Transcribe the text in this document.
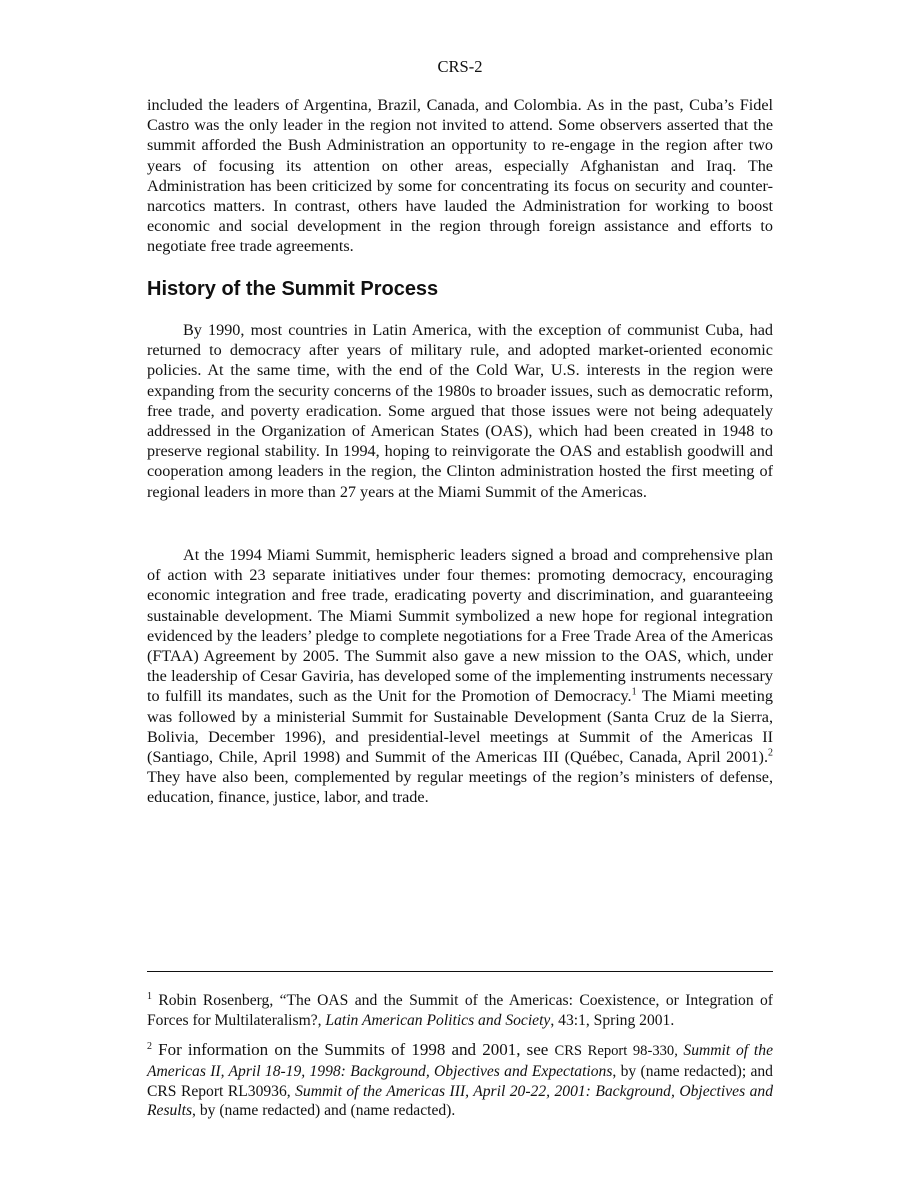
CRS-2

included the leaders of Argentina, Brazil, Canada, and Colombia. As in the past, Cuba’s Fidel Castro was the only leader in the region not invited to attend. Some observers asserted that the summit afforded the Bush Administration an opportunity to re-engage in the region after two years of focusing its attention on other areas, especially Afghanistan and Iraq. The Administration has been criticized by some for concentrating its focus on security and counter-narcotics matters. In contrast, others have lauded the Administration for working to boost economic and social development in the region through foreign assistance and efforts to negotiate free trade agreements.

History of the Summit Process

By 1990, most countries in Latin America, with the exception of communist Cuba, had returned to democracy after years of military rule, and adopted market-oriented economic policies. At the same time, with the end of the Cold War, U.S. interests in the region were expanding from the security concerns of the 1980s to broader issues, such as democratic reform, free trade, and poverty eradication. Some argued that those issues were not being adequately addressed in the Organization of American States (OAS), which had been created in 1948 to preserve regional stability. In 1994, hoping to reinvigorate the OAS and establish goodwill and cooperation among leaders in the region, the Clinton administration hosted the first meeting of regional leaders in more than 27 years at the Miami Summit of the Americas.

At the 1994 Miami Summit, hemispheric leaders signed a broad and comprehensive plan of action with 23 separate initiatives under four themes: promoting democracy, encouraging economic integration and free trade, eradicating poverty and discrimination, and guaranteeing sustainable development. The Miami Summit symbolized a new hope for regional integration evidenced by the leaders’ pledge to complete negotiations for a Free Trade Area of the Americas (FTAA) Agreement by 2005. The Summit also gave a new mission to the OAS, which, under the leadership of Cesar Gaviria, has developed some of the implementing instruments necessary to fulfill its mandates, such as the Unit for the Promotion of Democracy.$^1$ The Miami meeting was followed by a ministerial Summit for Sustainable Development (Santa Cruz de la Sierra, Bolivia, December 1996), and presidential-level meetings at Summit of the Americas II (Santiago, Chile, April 1998) and Summit of the Americas III (Québec, Canada, April 2001).$^2$ They have also been, complemented by regular meetings of the region’s ministers of defense, education, finance, justice, labor, and trade.

$^1$ Robin Rosenberg, “The OAS and the Summit of the Americas: Coexistence, or Integration of Forces for Multilateralism?, Latin American Politics and Society, 43:1, Spring 2001.

$^2$ For information on the Summits of 1998 and 2001, see CRS Report 98-330, Summit of the Americas II, April 18-19, 1998: Background, Objectives and Expectations, by (name redacted); and CRS Report RL30936, Summit of the Americas III, April 20-22, 2001: Background, Objectives and Results, by (name redacted) and (name redacted).
